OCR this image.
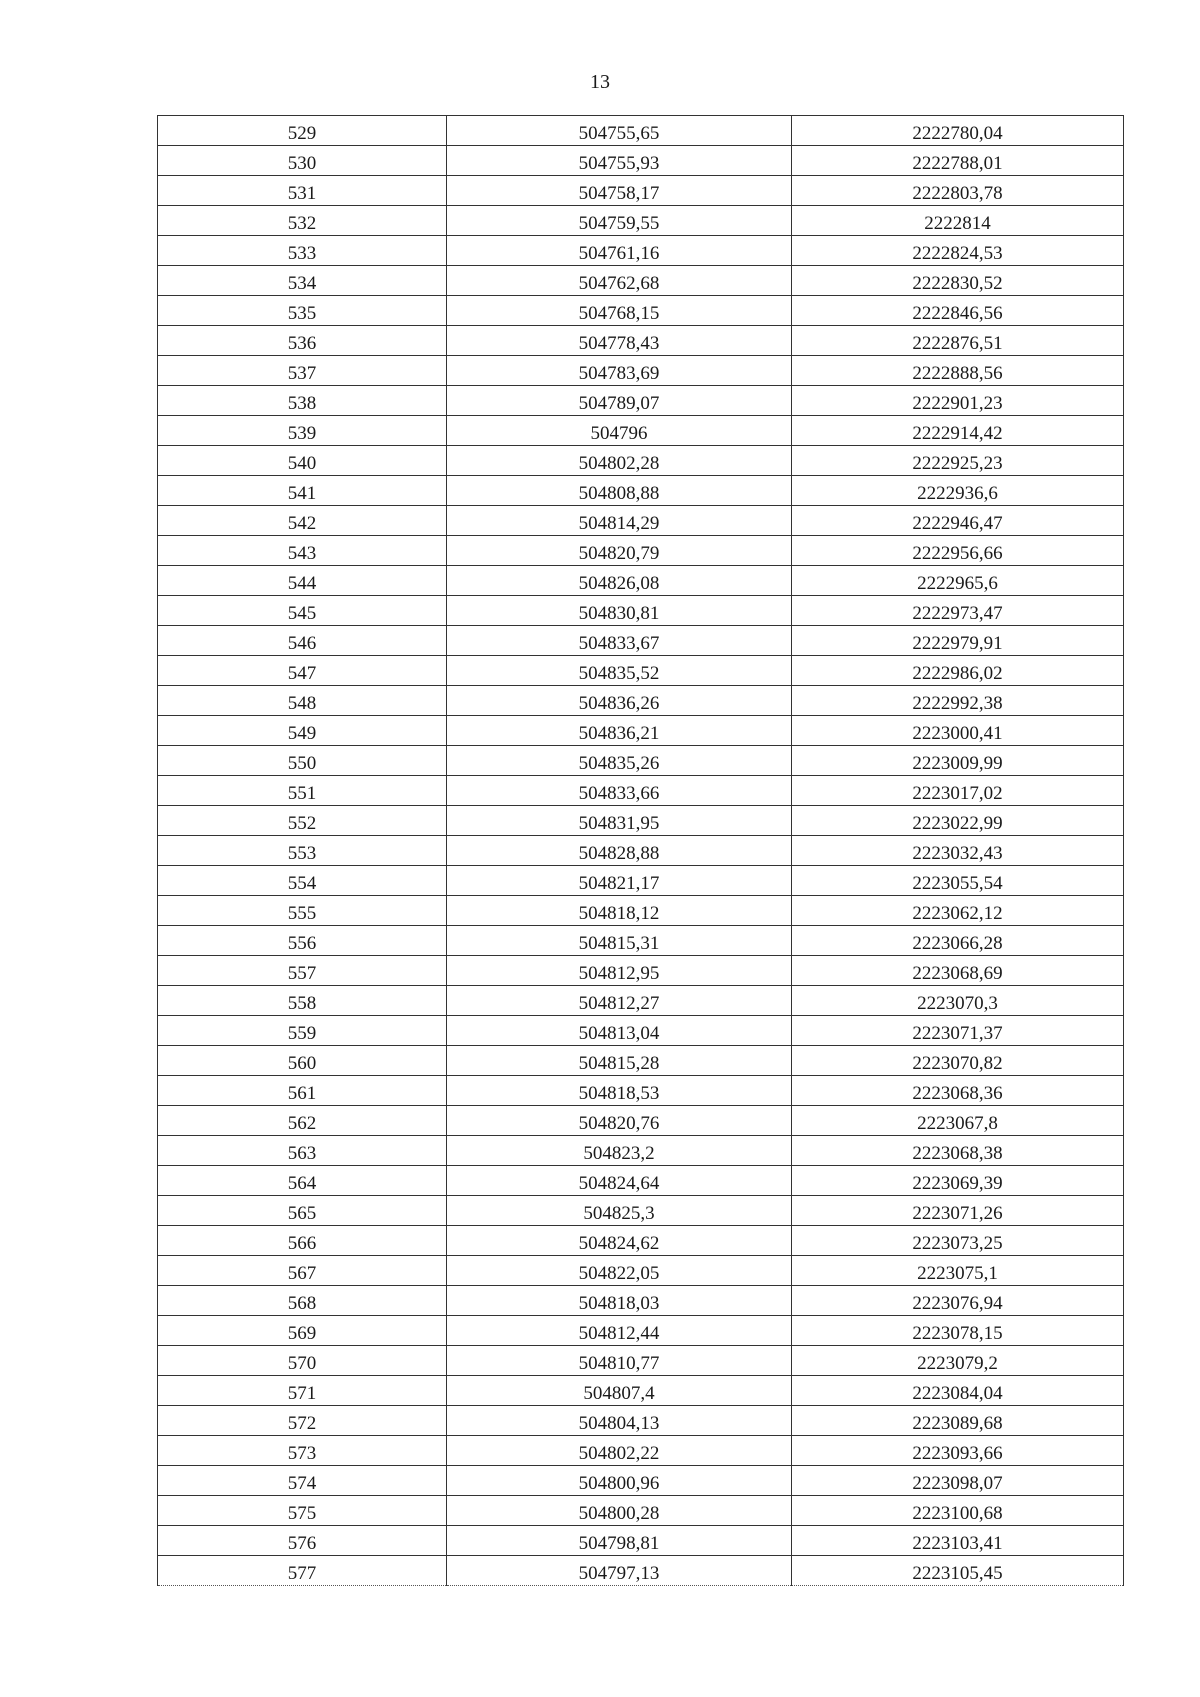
13
529	504755,65	2222780,04
530	504755,93	2222788,01
531	504758,17	2222803,78
532	504759,55	2222814
533	504761,16	2222824,53
534	504762,68	2222830,52
535	504768,15	2222846,56
536	504778,43	2222876,51
537	504783,69	2222888,56
538	504789,07	2222901,23
539	504796	2222914,42
540	504802,28	2222925,23
541	504808,88	2222936,6
542	504814,29	2222946,47
543	504820,79	2222956,66
544	504826,08	2222965,6
545	504830,81	2222973,47
546	504833,67	2222979,91
547	504835,52	2222986,02
548	504836,26	2222992,38
549	504836,21	2223000,41
550	504835,26	2223009,99
551	504833,66	2223017,02
552	504831,95	2223022,99
553	504828,88	2223032,43
554	504821,17	2223055,54
555	504818,12	2223062,12
556	504815,31	2223066,28
557	504812,95	2223068,69
558	504812,27	2223070,3
559	504813,04	2223071,37
560	504815,28	2223070,82
561	504818,53	2223068,36
562	504820,76	2223067,8
563	504823,2	2223068,38
564	504824,64	2223069,39
565	504825,3	2223071,26
566	504824,62	2223073,25
567	504822,05	2223075,1
568	504818,03	2223076,94
569	504812,44	2223078,15
570	504810,77	2223079,2
571	504807,4	2223084,04
572	504804,13	2223089,68
573	504802,22	2223093,66
574	504800,96	2223098,07
575	504800,28	2223100,68
576	504798,81	2223103,41
577	504797,13	2223105,45
